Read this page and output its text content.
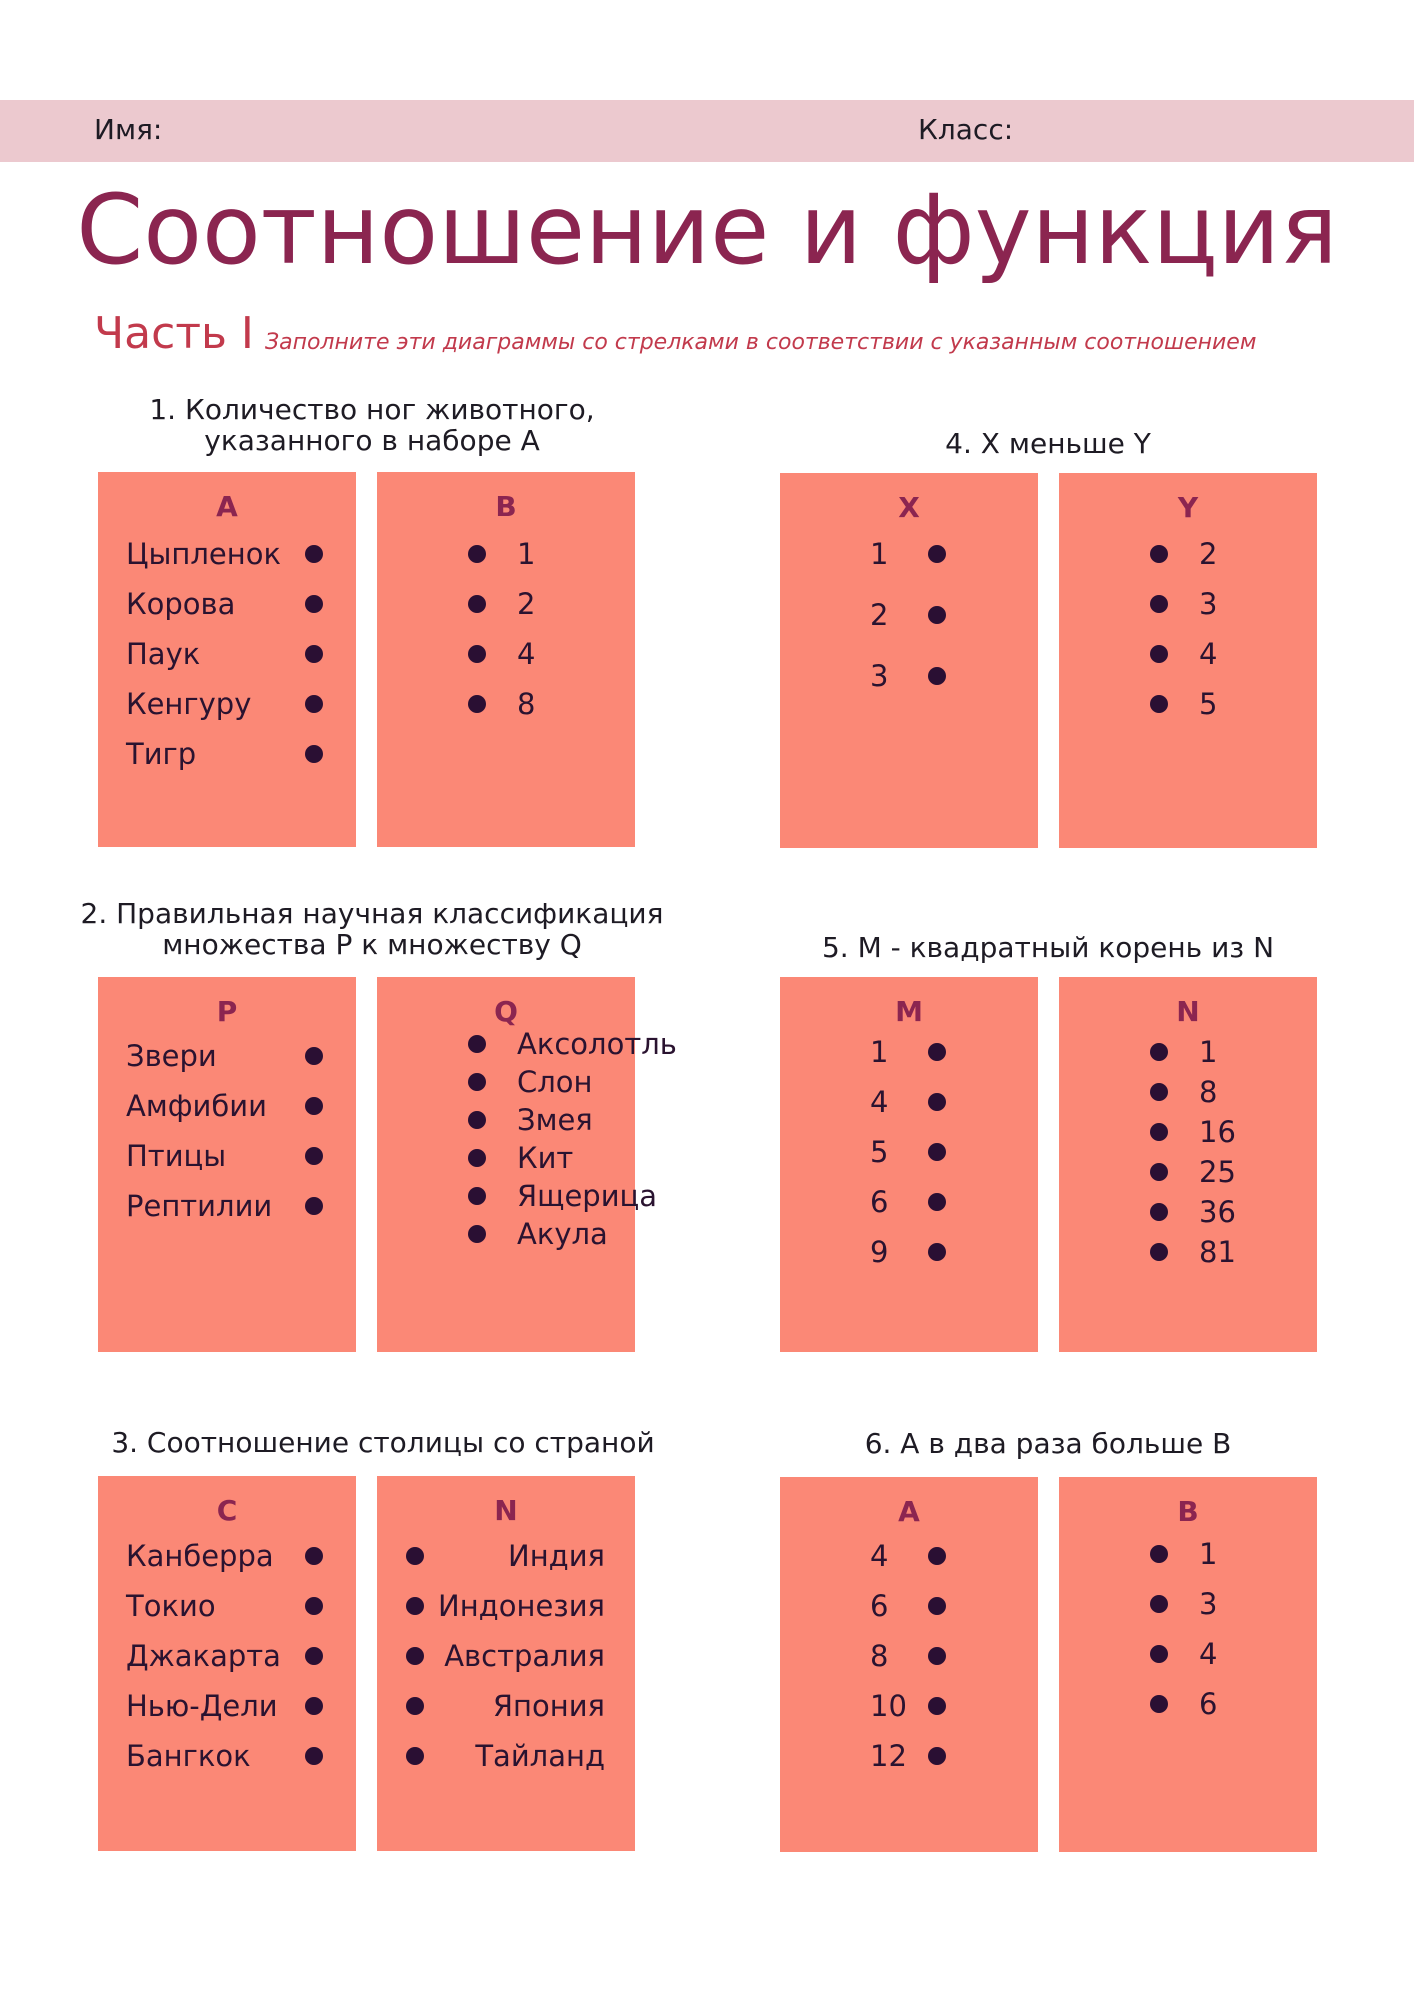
Имя:	Класс:
Соотношение и функция
Часть I Заполните эти диаграммы со стрелками в соответствии с указанным соотношением
1. Количество ног животного,
указанного в наборе A
A
Цыпленок
Корова
Паук
Кенгуру
Тигр
B
1
2
4
8
2. Правильная научная классификация
множества P к множеству Q
P
Звери
Амфибии
Птицы
Рептилии
Q
Аксолотль
Слон
Змея
Кит
Ящерица
Акула
3. Соотношение столицы со страной
C
Канберра
Токио
Джакарта
Нью-Дели
Бангкок
N
Индия
Индонезия
Австралия
Япония
Тайланд
4. X меньше Y
X
1
2
3
Y
2
3
4
5
5. M - квадратный корень из N
M
1
4
5
6
9
N
1
8
16
25
36
81
6. A в два раза больше B
A
4
6
8
10
12
B
1
3
4
6
